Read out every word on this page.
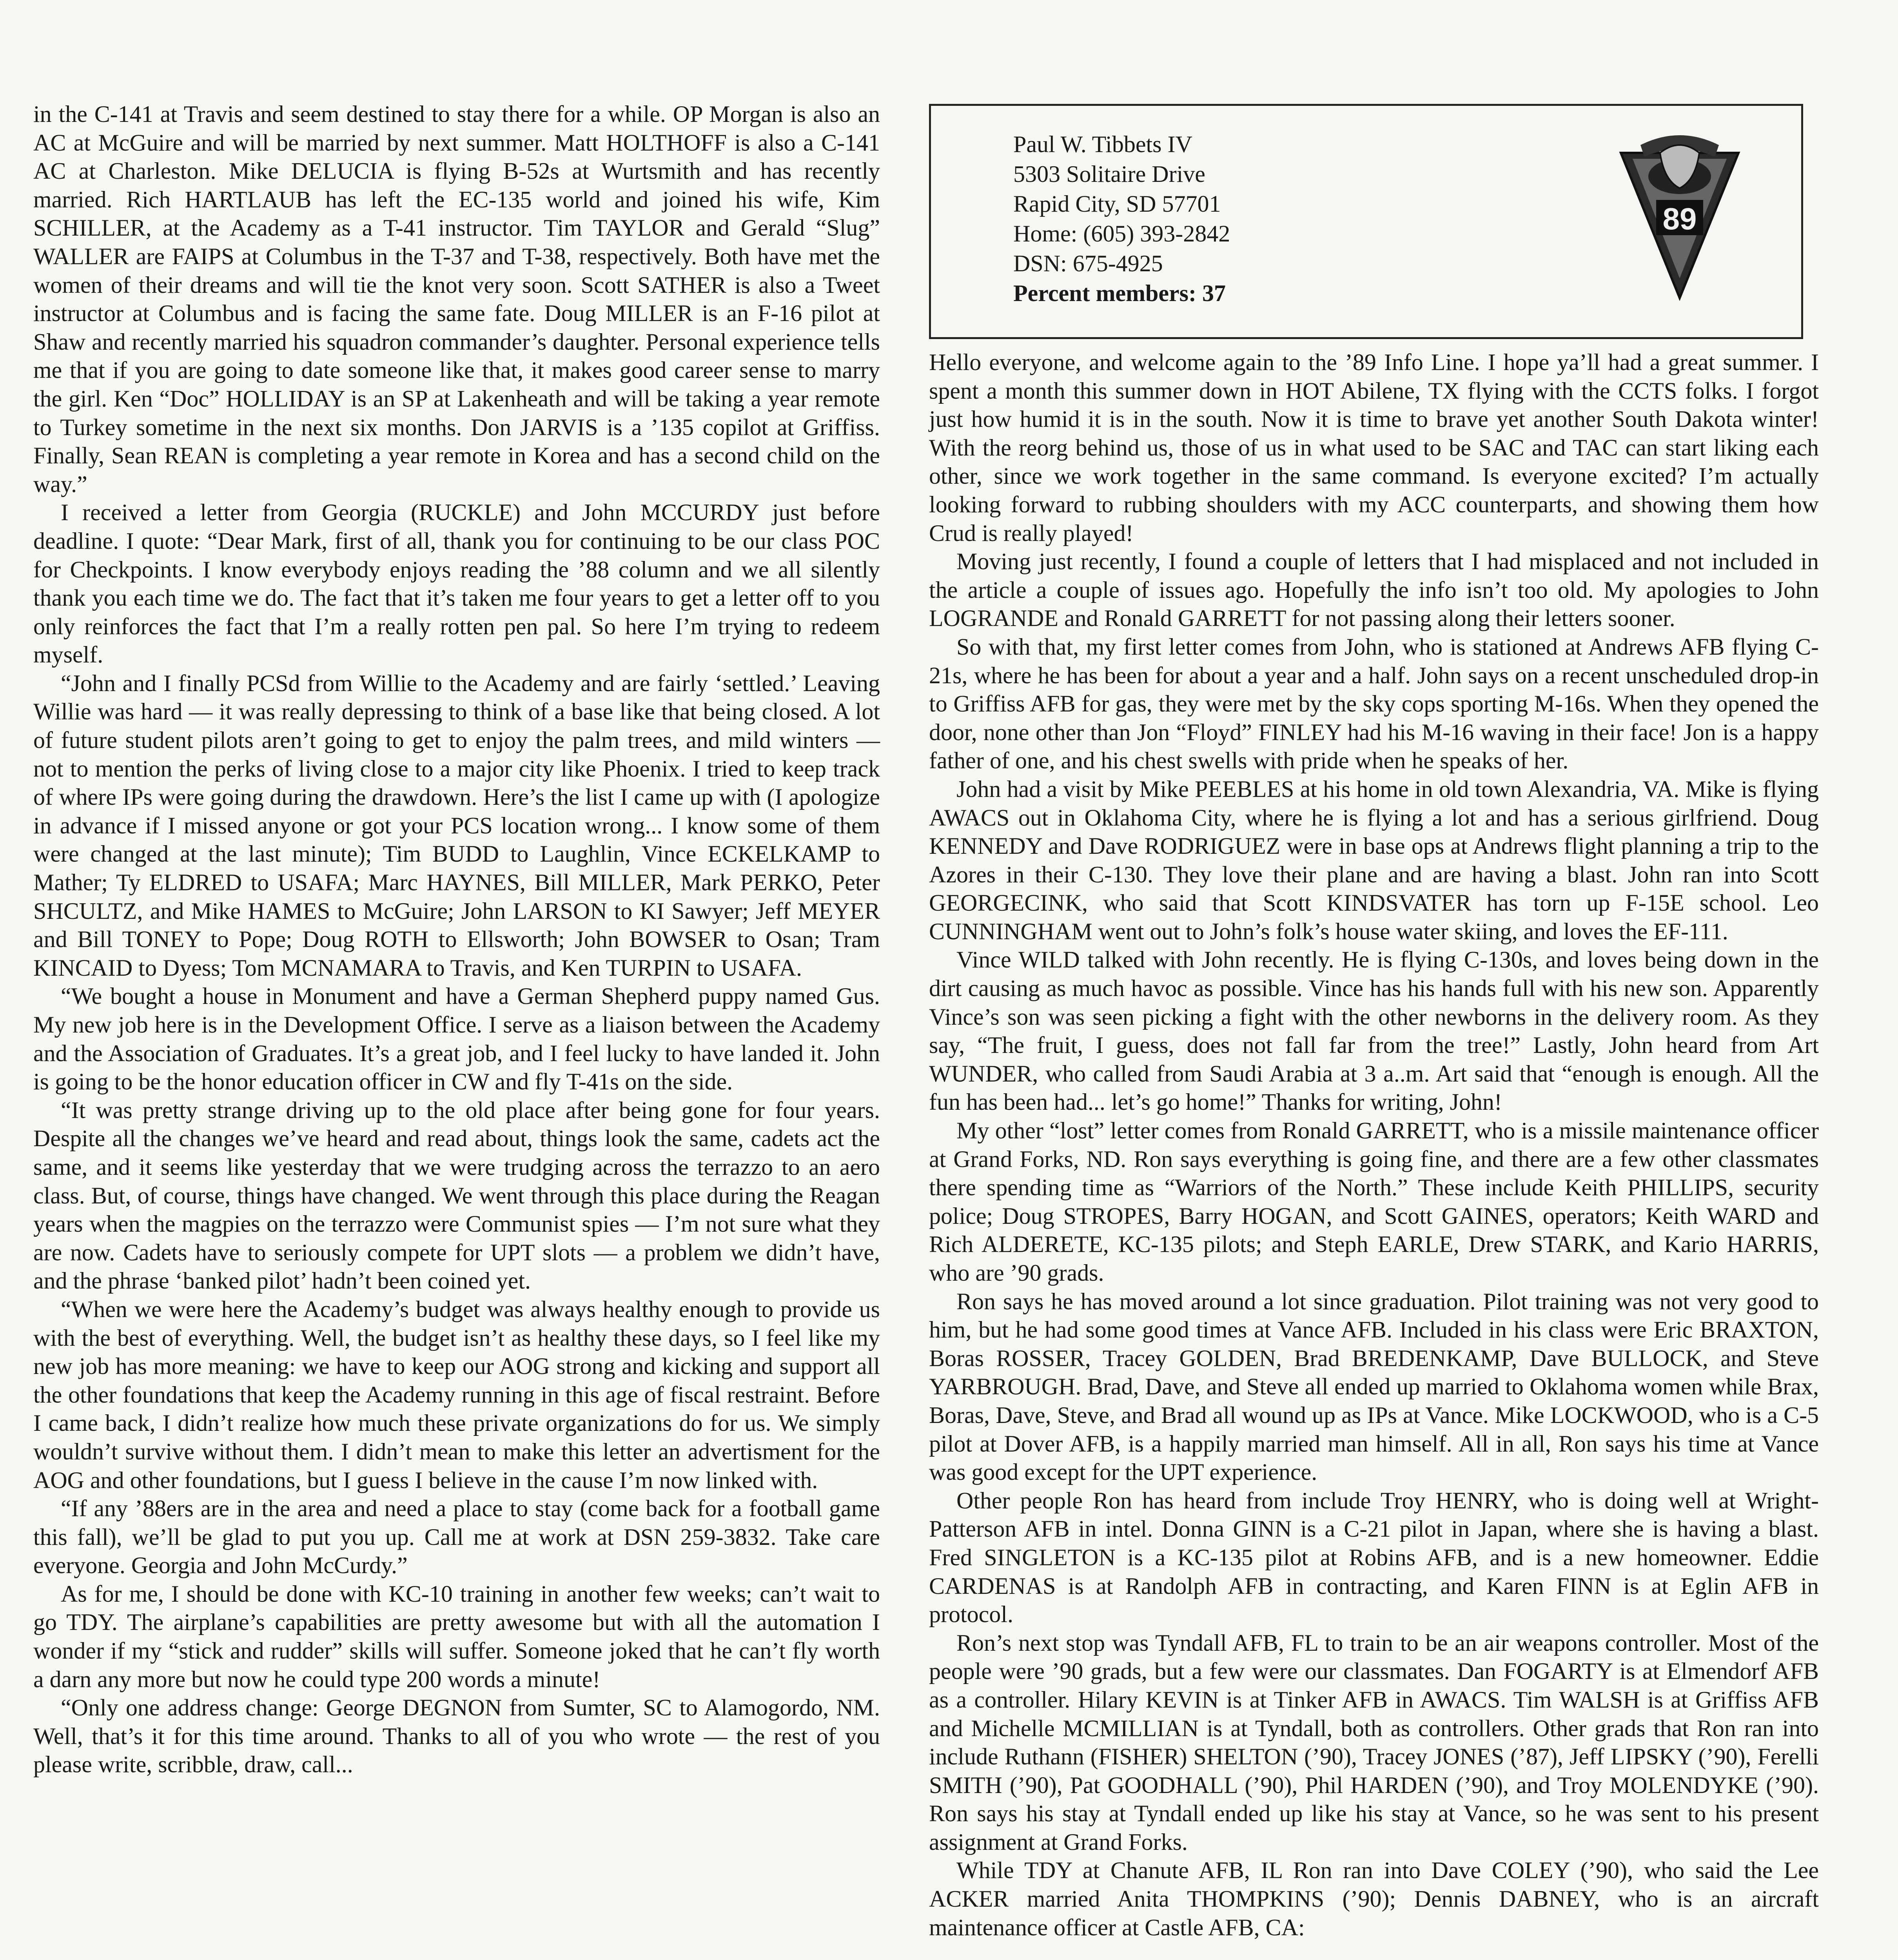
in the C-141 at Travis and seem destined to stay there for a while. OP Morgan is also an AC at McGuire and will be married by next summer. Matt HOLTHOFF is also a C-141 AC at Charleston. Mike DELUCIA is flying B-52s at Wurtsmith and has recently married. Rich HARTLAUB has left the EC-135 world and joined his wife, Kim SCHILLER, at the Academy as a T-41 instructor. Tim TAYLOR and Gerald “Slug” WALLER are FAIPS at Columbus in the T-37 and T-38, respectively. Both have met the women of their dreams and will tie the knot very soon. Scott SATHER is also a Tweet instructor at Columbus and is facing the same fate. Doug MILLER is an F-16 pilot at Shaw and recently married his squadron commander’s daughter. Personal experience tells me that if you are going to date someone like that, it makes good career sense to marry the girl. Ken “Doc” HOLLIDAY is an SP at Lakenheath and will be taking a year remote to Turkey sometime in the next six months. Don JARVIS is a ’135 copilot at Griffiss. Finally, Sean REAN is completing a year remote in Korea and has a second child on the way.”

I received a letter from Georgia (RUCKLE) and John MCCURDY just before deadline. I quote: “Dear Mark, first of all, thank you for continuing to be our class POC for Checkpoints. I know everybody enjoys reading the ’88 column and we all silently thank you each time we do. The fact that it’s taken me four years to get a letter off to you only reinforces the fact that I’m a really rotten pen pal. So here I’m trying to redeem myself.

“John and I finally PCSd from Willie to the Academy and are fairly ‘settled.’ Leaving Willie was hard — it was really depressing to think of a base like that being closed. A lot of future student pilots aren’t going to get to enjoy the palm trees, and mild winters — not to mention the perks of living close to a major city like Phoenix. I tried to keep track of where IPs were going during the drawdown. Here’s the list I came up with (I apologize in advance if I missed anyone or got your PCS location wrong... I know some of them were changed at the last minute); Tim BUDD to Laughlin, Vince ECKELKAMP to Mather; Ty ELDRED to USAFA; Marc HAYNES, Bill MILLER, Mark PERKO, Peter SHCULTZ, and Mike HAMES to McGuire; John LARSON to KI Sawyer; Jeff MEYER and Bill TONEY to Pope; Doug ROTH to Ellsworth; John BOWSER to Osan; Tram KINCAID to Dyess; Tom MCNAMARA to Travis, and Ken TURPIN to USAFA.

“We bought a house in Monument and have a German Shepherd puppy named Gus. My new job here is in the Development Office. I serve as a liaison between the Academy and the Association of Graduates. It’s a great job, and I feel lucky to have landed it. John is going to be the honor education officer in CW and fly T-41s on the side.

“It was pretty strange driving up to the old place after being gone for four years. Despite all the changes we’ve heard and read about, things look the same, cadets act the same, and it seems like yesterday that we were trudging across the terrazzo to an aero class. But, of course, things have changed. We went through this place during the Reagan years when the magpies on the terrazzo were Communist spies — I’m not sure what they are now. Cadets have to seriously compete for UPT slots — a problem we didn’t have, and the phrase ‘banked pilot’ hadn’t been coined yet.

“When we were here the Academy’s budget was always healthy enough to provide us with the best of everything. Well, the budget isn’t as healthy these days, so I feel like my new job has more meaning: we have to keep our AOG strong and kicking and support all the other foundations that keep the Academy running in this age of fiscal restraint. Before I came back, I didn’t realize how much these private organizations do for us. We simply wouldn’t survive without them. I didn’t mean to make this letter an advertisment for the AOG and other foundations, but I guess I believe in the cause I’m now linked with.

“If any ’88ers are in the area and need a place to stay (come back for a football game this fall), we’ll be glad to put you up. Call me at work at DSN 259-3832. Take care everyone. Georgia and John McCurdy.”

As for me, I should be done with KC-10 training in another few weeks; can’t wait to go TDY. The airplane’s capabilities are pretty awesome but with all the automation I wonder if my “stick and rudder” skills will suffer. Someone joked that he can’t fly worth a darn any more but now he could type 200 words a minute!

“Only one address change: George DEGNON from Sumter, SC to Alamogordo, NM. Well, that’s it for this time around. Thanks to all of you who wrote — the rest of you please write, scribble, draw, call...

Paul W. Tibbets IV
5303 Solitaire Drive
Rapid City, SD 57701
Home: (605) 393-2842
DSN: 675-4925
Percent members: 37
89

Hello everyone, and welcome again to the ’89 Info Line. I hope ya’ll had a great summer. I spent a month this summer down in HOT Abilene, TX flying with the CCTS folks. I forgot just how humid it is in the south. Now it is time to brave yet another South Dakota winter! With the reorg behind us, those of us in what used to be SAC and TAC can start liking each other, since we work together in the same command. Is everyone excited? I’m actually looking forward to rubbing shoulders with my ACC counterparts, and showing them how Crud is really played!

Moving just recently, I found a couple of letters that I had misplaced and not included in the article a couple of issues ago. Hopefully the info isn’t too old. My apologies to John LOGRANDE and Ronald GARRETT for not passing along their letters sooner.

So with that, my first letter comes from John, who is stationed at Andrews AFB flying C-21s, where he has been for about a year and a half. John says on a recent unscheduled drop-in to Griffiss AFB for gas, they were met by the sky cops sporting M-16s. When they opened the door, none other than Jon “Floyd” FINLEY had his M-16 waving in their face! Jon is a happy father of one, and his chest swells with pride when he speaks of her.

John had a visit by Mike PEEBLES at his home in old town Alexandria, VA. Mike is flying AWACS out in Oklahoma City, where he is flying a lot and has a serious girlfriend. Doug KENNEDY and Dave RODRIGUEZ were in base ops at Andrews flight planning a trip to the Azores in their C-130. They love their plane and are having a blast. John ran into Scott GEORGECINK, who said that Scott KINDSVATER has torn up F-15E school. Leo CUNNINGHAM went out to John’s folk’s house water skiing, and loves the EF-111.

Vince WILD talked with John recently. He is flying C-130s, and loves being down in the dirt causing as much havoc as possible. Vince has his hands full with his new son. Apparently Vince’s son was seen picking a fight with the other newborns in the delivery room. As they say, “The fruit, I guess, does not fall far from the tree!” Lastly, John heard from Art WUNDER, who called from Saudi Arabia at 3 a..m. Art said that “enough is enough. All the fun has been had... let’s go home!” Thanks for writing, John!

My other “lost” letter comes from Ronald GARRETT, who is a missile maintenance officer at Grand Forks, ND. Ron says everything is going fine, and there are a few other classmates there spending time as “Warriors of the North.” These include Keith PHILLIPS, security police; Doug STROPES, Barry HOGAN, and Scott GAINES, operators; Keith WARD and Rich ALDERETE, KC-135 pilots; and Steph EARLE, Drew STARK, and Kario HARRIS, who are ’90 grads.

Ron says he has moved around a lot since graduation. Pilot training was not very good to him, but he had some good times at Vance AFB. Included in his class were Eric BRAXTON, Boras ROSSER, Tracey GOLDEN, Brad BREDENKAMP, Dave BULLOCK, and Steve YARBROUGH. Brad, Dave, and Steve all ended up married to Oklahoma women while Brax, Boras, Dave, Steve, and Brad all wound up as IPs at Vance. Mike LOCKWOOD, who is a C-5 pilot at Dover AFB, is a happily married man himself. All in all, Ron says his time at Vance was good except for the UPT experience.

Other people Ron has heard from include Troy HENRY, who is doing well at Wright-Patterson AFB in intel. Donna GINN is a C-21 pilot in Japan, where she is having a blast. Fred SINGLETON is a KC-135 pilot at Robins AFB, and is a new homeowner. Eddie CARDENAS is at Randolph AFB in contracting, and Karen FINN is at Eglin AFB in protocol.

Ron’s next stop was Tyndall AFB, FL to train to be an air weapons controller. Most of the people were ’90 grads, but a few were our classmates. Dan FOGARTY is at Elmendorf AFB as a controller. Hilary KEVIN is at Tinker AFB in AWACS. Tim WALSH is at Griffiss AFB and Michelle MCMILLIAN is at Tyndall, both as controllers. Other grads that Ron ran into include Ruthann (FISHER) SHELTON (’90), Tracey JONES (’87), Jeff LIPSKY (’90), Ferelli SMITH (’90), Pat GOODHALL (’90), Phil HARDEN (’90), and Troy MOLENDYKE (’90). Ron says his stay at Tyndall ended up like his stay at Vance, so he was sent to his present assignment at Grand Forks.

While TDY at Chanute AFB, IL Ron ran into Dave COLEY (’90), who said the Lee ACKER married Anita THOMPKINS (’90); Dennis DABNEY, who is an aircraft maintenance officer at Castle AFB, CA:
